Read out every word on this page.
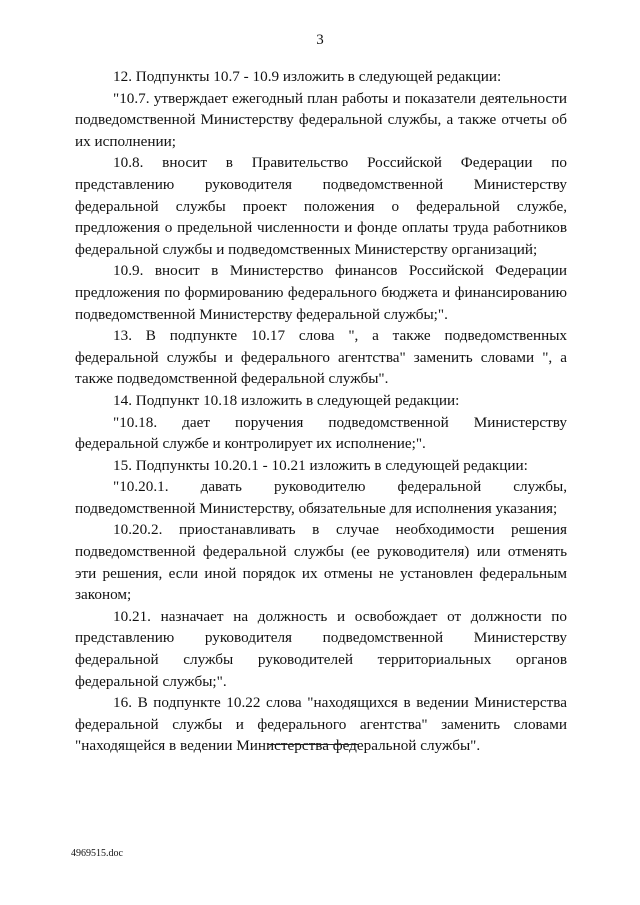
3

12. Подпункты 10.7 - 10.9 изложить в следующей редакции:

"10.7. утверждает ежегодный план работы и показатели деятельности подведомственной Министерству федеральной службы, а также отчеты об их исполнении;

10.8. вносит в Правительство Российской Федерации по представлению руководителя подведомственной Министерству федеральной службы проект положения о федеральной службе, предложения о предельной численности и фонде оплаты труда работников федеральной службы и подведомственных Министерству организаций;

10.9. вносит в Министерство финансов Российской Федерации предложения по формированию федерального бюджета и финансированию подведомственной Министерству федеральной службы;".

13. В подпункте 10.17 слова ", а также подведомственных федеральной службы и федерального агентства" заменить словами ", а также подведомственной федеральной службы".

14. Подпункт 10.18 изложить в следующей редакции:

"10.18. дает поручения подведомственной Министерству федеральной службе и контролирует их исполнение;".

15. Подпункты 10.20.1 - 10.21 изложить в следующей редакции:

"10.20.1. давать руководителю федеральной службы, подведомственной Министерству, обязательные для исполнения указания;

10.20.2. приостанавливать в случае необходимости решения подведомственной федеральной службы (ее руководителя) или отменять эти решения, если иной порядок их отмены не установлен федеральным законом;

10.21. назначает на должность и освобождает от должности по представлению руководителя подведомственной Министерству федеральной службы руководителей территориальных органов федеральной службы;".

16. В подпункте 10.22 слова "находящихся в ведении Министерства федеральной службы и федерального агентства" заменить словами "находящейся в ведении Министерства федеральной службы".

4969515.doc
